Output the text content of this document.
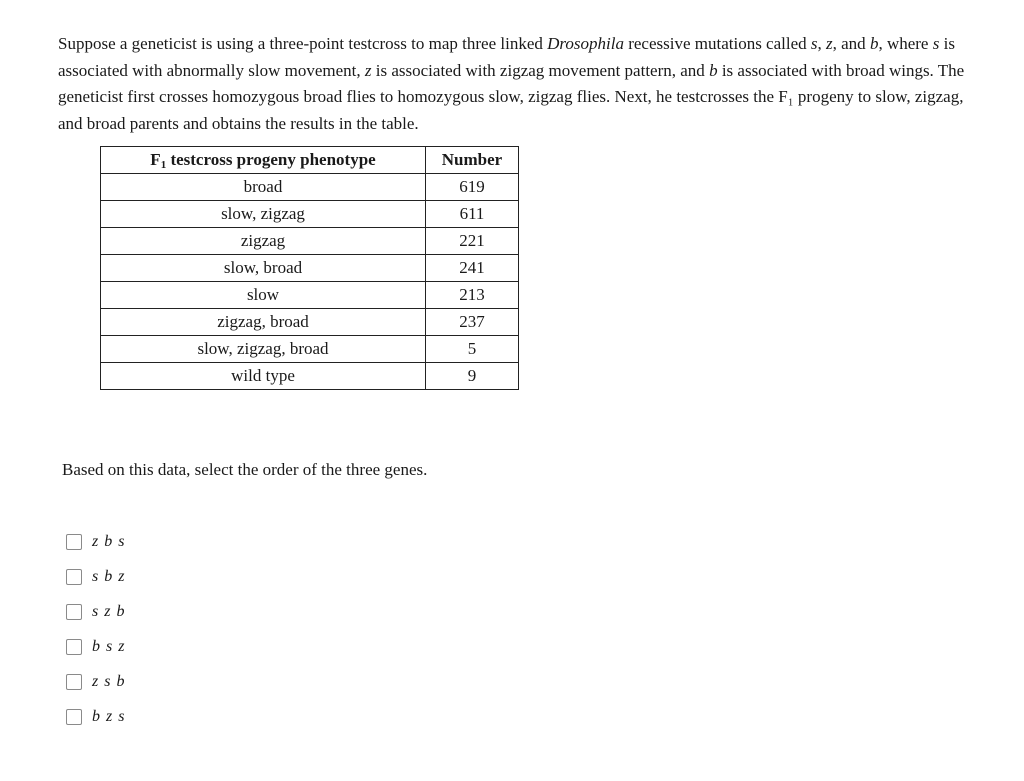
Suppose a geneticist is using a three-point testcross to map three linked Drosophila recessive mutations called s, z, and b, where s is associated with abnormally slow movement, z is associated with zigzag movement pattern, and b is associated with broad wings. The geneticist first crosses homozygous broad flies to homozygous slow, zigzag flies. Next, he testcrosses the F₁ progeny to slow, zigzag, and broad parents and obtains the results in the table.

$F_1$ testcross progeny phenotype	Number
broad	619
slow, zigzag	611
zigzag	221
slow, broad	241
slow	213
zigzag, broad	237
slow, zigzag, broad	5
wild type	9
Based on this data, select the order of the three genes.
z b s
s b z
s z b
b s z
z s b
b z s
